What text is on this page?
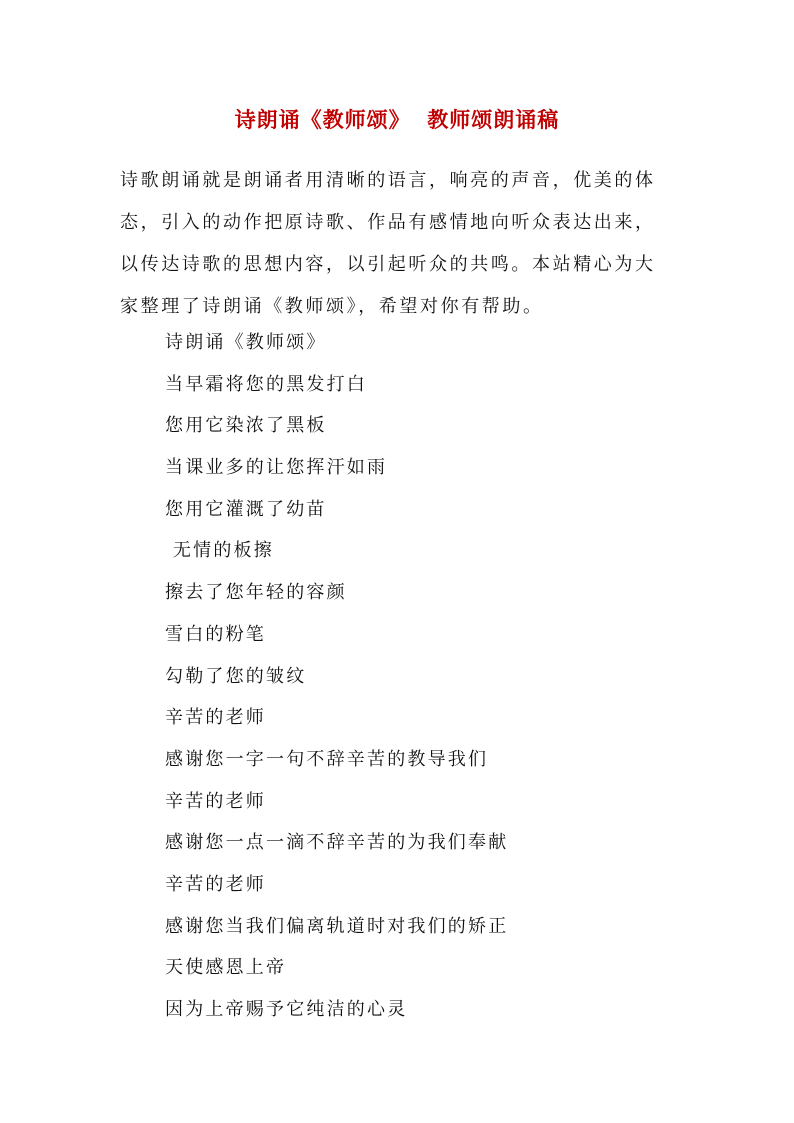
诗朗诵《教师颂》  教师颂朗诵稿
诗歌朗诵就是朗诵者用清晰的语言，响亮的声音，优美的体
态，引入的动作把原诗歌、作品有感情地向听众表达出来，
以传达诗歌的思想内容，以引起听众的共鸣。本站精心为大
家整理了诗朗诵《教师颂》，希望对你有帮助。
诗朗诵《教师颂》
当早霜将您的黑发打白
您用它染浓了黑板
当课业多的让您挥汗如雨
您用它灌溉了幼苗
无情的板擦
擦去了您年轻的容颜
雪白的粉笔
勾勒了您的皱纹
辛苦的老师
感谢您一字一句不辞辛苦的教导我们
辛苦的老师
感谢您一点一滴不辞辛苦的为我们奉献
辛苦的老师
感谢您当我们偏离轨道时对我们的矫正
天使感恩上帝
因为上帝赐予它纯洁的心灵
